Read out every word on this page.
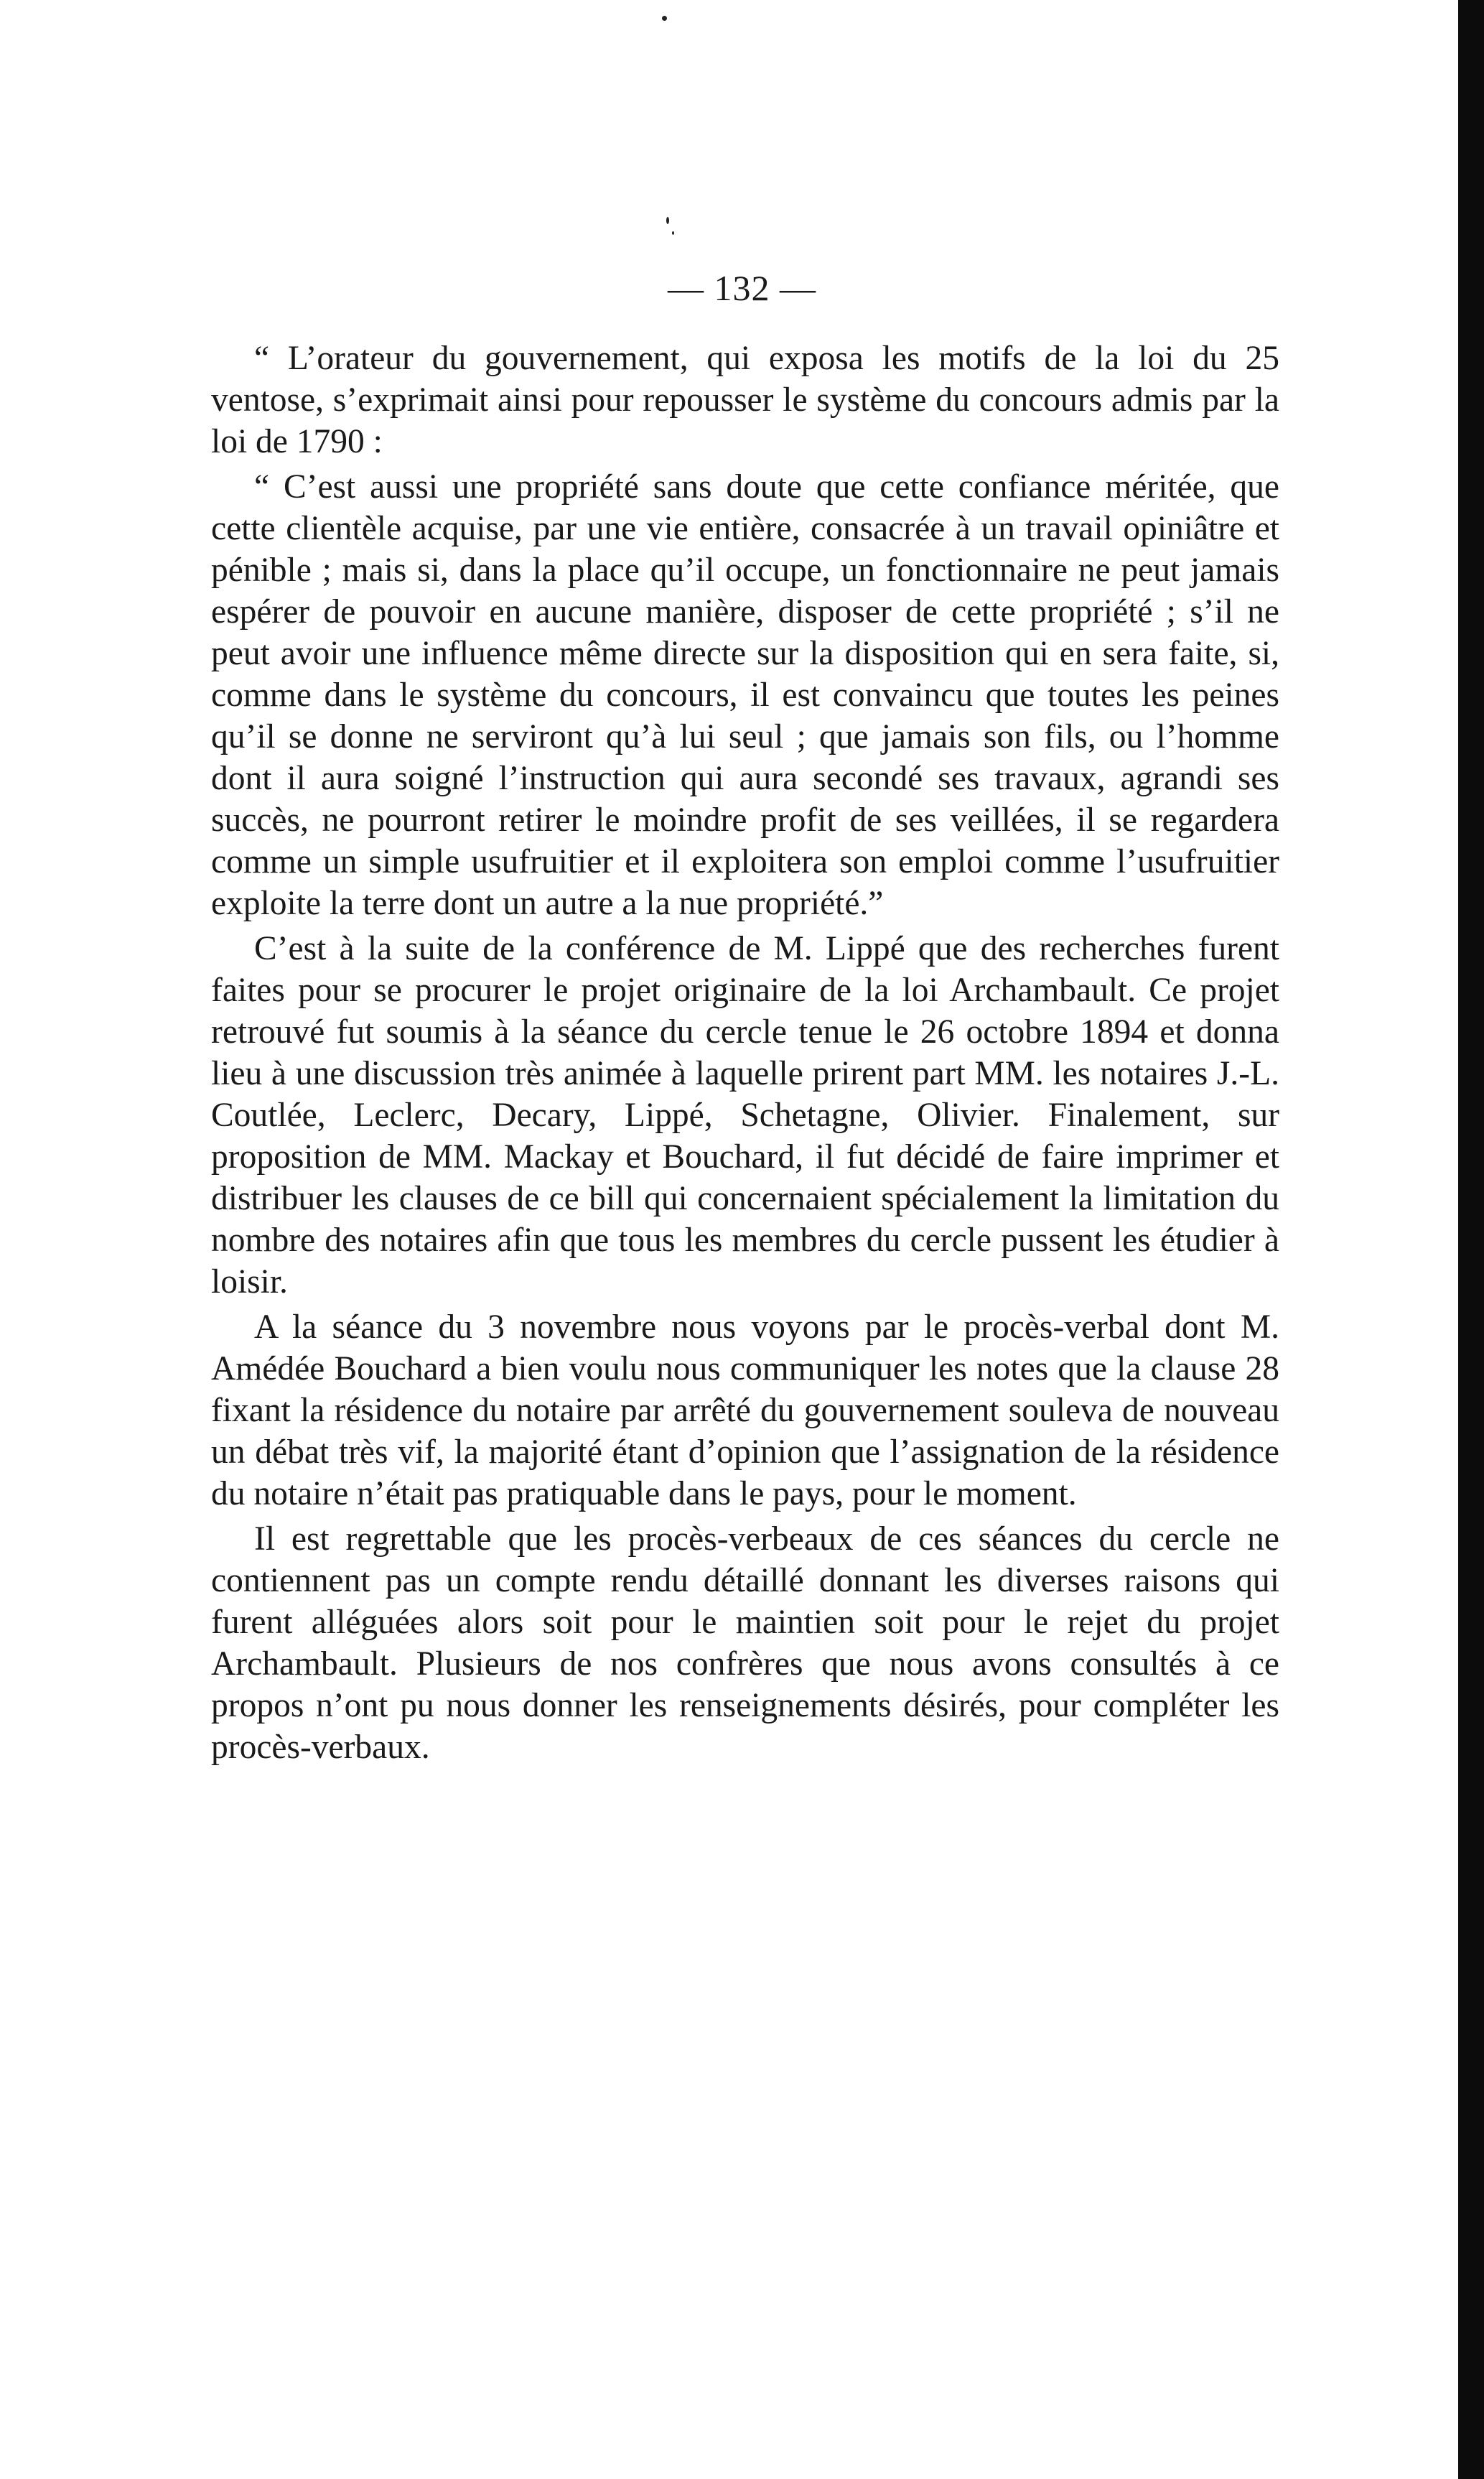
— 132 —

“ L’orateur du gouvernement, qui exposa les motifs de la loi du 25 ventose, s’exprimait ainsi pour repousser le système du concours admis par la loi de 1790 :

“ C’est aussi une propriété sans doute que cette confiance méritée, que cette clientèle acquise, par une vie entière, consacrée à un travail opiniâtre et pénible ; mais si, dans la place qu’il occupe, un fonctionnaire ne peut jamais espérer de pouvoir en aucune manière, disposer de cette propriété ; s’il ne peut avoir une influence même directe sur la disposition qui en sera faite, si, comme dans le système du concours, il est convaincu que toutes les peines qu’il se donne ne serviront qu’à lui seul ; que jamais son fils, ou l’homme dont il aura soigné l’instruction qui aura secondé ses travaux, agrandi ses succès, ne pourront retirer le moindre profit de ses veillées, il se regardera comme un simple usufruitier et il exploitera son emploi comme l’usufruitier exploite la terre dont un autre a la nue propriété.”

C’est à la suite de la conférence de M. Lippé que des recherches furent faites pour se procurer le projet originaire de la loi Archambault. Ce projet retrouvé fut soumis à la séance du cercle tenue le 26 octobre 1894 et donna lieu à une discussion très animée à laquelle prirent part MM. les notaires J.-L. Coutlée, Leclerc, Decary, Lippé, Schetagne, Olivier. Finalement, sur proposition de MM. Mackay et Bouchard, il fut décidé de faire imprimer et distribuer les clauses de ce bill qui concernaient spécialement la limitation du nombre des notaires afin que tous les membres du cercle pussent les étudier à loisir.

A la séance du 3 novembre nous voyons par le procès-verbal dont M. Amédée Bouchard a bien voulu nous communiquer les notes que la clause 28 fixant la résidence du notaire par arrêté du gouvernement souleva de nouveau un débat très vif, la majorité étant d’opinion que l’assignation de la résidence du notaire n’était pas pratiquable dans le pays, pour le moment.

Il est regrettable que les procès-verbeaux de ces séances du cercle ne contiennent pas un compte rendu détaillé donnant les diverses raisons qui furent alléguées alors soit pour le maintien soit pour le rejet du projet Archambault. Plusieurs de nos confrères que nous avons consultés à ce propos n’ont pu nous donner les renseignements désirés, pour compléter les procès-verbaux.
